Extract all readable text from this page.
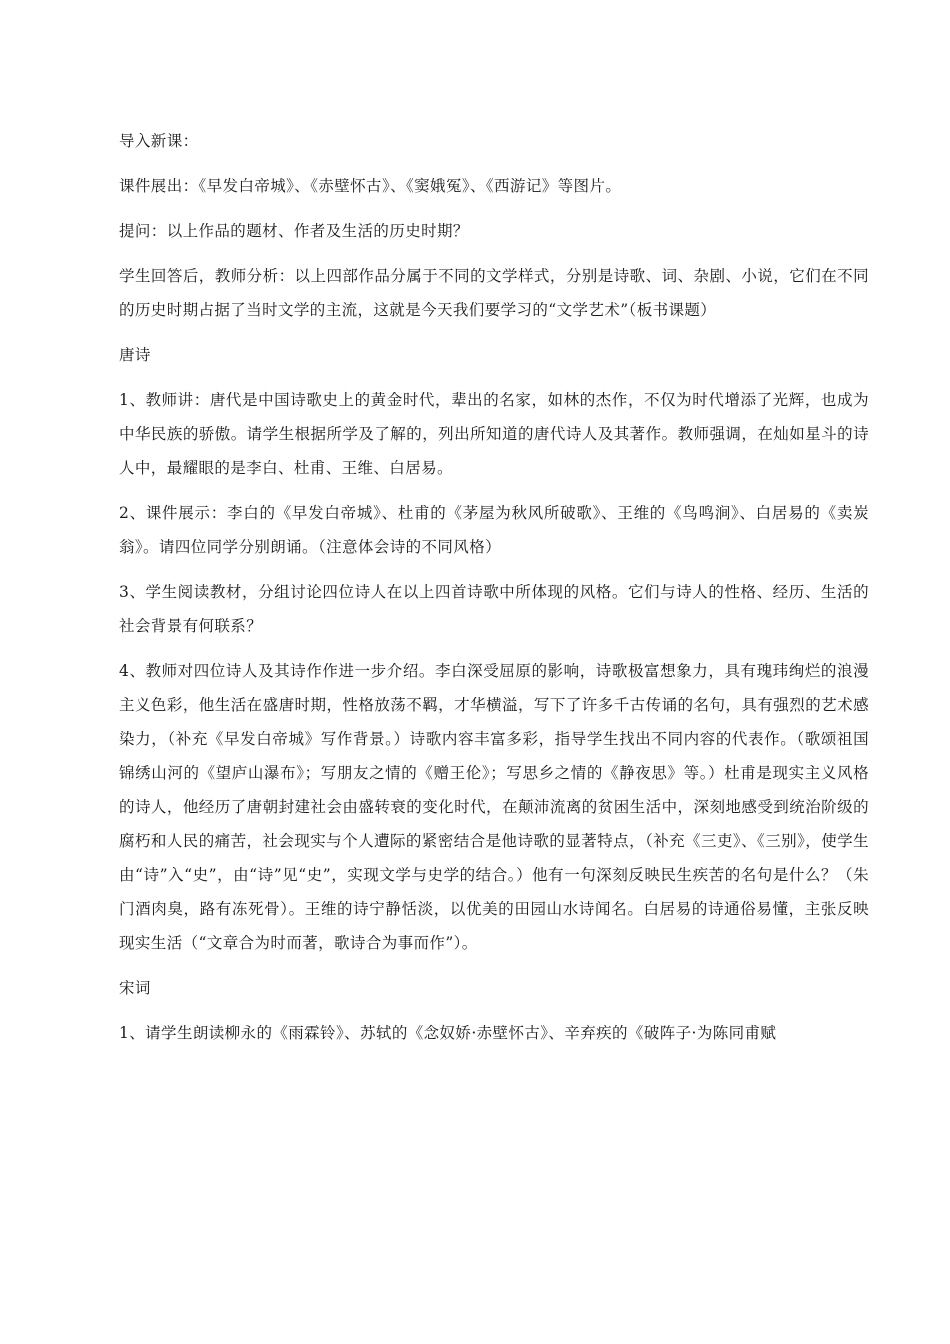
导入新课：

课件展出：《早发白帝城》、《赤壁怀古》、《窦娥冤》、《西游记》等图片。

提问：以上作品的题材、作者及生活的历史时期？

学生回答后，教师分析：以上四部作品分属于不同的文学样式，分别是诗歌、词、杂剧、小说，它们在不同的历史时期占据了当时文学的主流，这就是今天我们要学习的“文学艺术”（板书课题）

唐诗

1、教师讲：唐代是中国诗歌史上的黄金时代，辈出的名家，如林的杰作，不仅为时代增添了光辉，也成为中华民族的骄傲。请学生根据所学及了解的，列出所知道的唐代诗人及其著作。教师强调，在灿如星斗的诗人中，最耀眼的是李白、杜甫、王维、白居易。

2、课件展示：李白的《早发白帝城》、杜甫的《茅屋为秋风所破歌》、王维的《鸟鸣涧》、白居易的《卖炭翁》。请四位同学分别朗诵。（注意体会诗的不同风格）

3、学生阅读教材，分组讨论四位诗人在以上四首诗歌中所体现的风格。它们与诗人的性格、经历、生活的社会背景有何联系？

4、教师对四位诗人及其诗作作进一步介绍。李白深受屈原的影响，诗歌极富想象力，具有瑰玮绚烂的浪漫主义色彩，他生活在盛唐时期，性格放荡不羁，才华横溢，写下了许多千古传诵的名句，具有强烈的艺术感染力，（补充《早发白帝城》写作背景。）诗歌内容丰富多彩，指导学生找出不同内容的代表作。（歌颂祖国锦绣山河的《望庐山瀑布》；写朋友之情的《赠王伦》；写思乡之情的《静夜思》等。）杜甫是现实主义风格的诗人，他经历了唐朝封建社会由盛转衰的变化时代，在颠沛流离的贫困生活中，深刻地感受到统治阶级的腐朽和人民的痛苦，社会现实与个人遭际的紧密结合是他诗歌的显著特点，（补充《三吏》、《三别》，使学生由“诗”入“史”，由“诗”见“史”，实现文学与史学的结合。）他有一句深刻反映民生疾苦的名句是什么？（朱门酒肉臭，路有冻死骨）。王维的诗宁静恬淡，以优美的田园山水诗闻名。白居易的诗通俗易懂，主张反映现实生活（“文章合为时而著，歌诗合为事而作”）。

宋词

1、请学生朗读柳永的《雨霖铃》、苏轼的《念奴娇·赤壁怀古》、辛弃疾的《破阵子·为陈同甫赋
